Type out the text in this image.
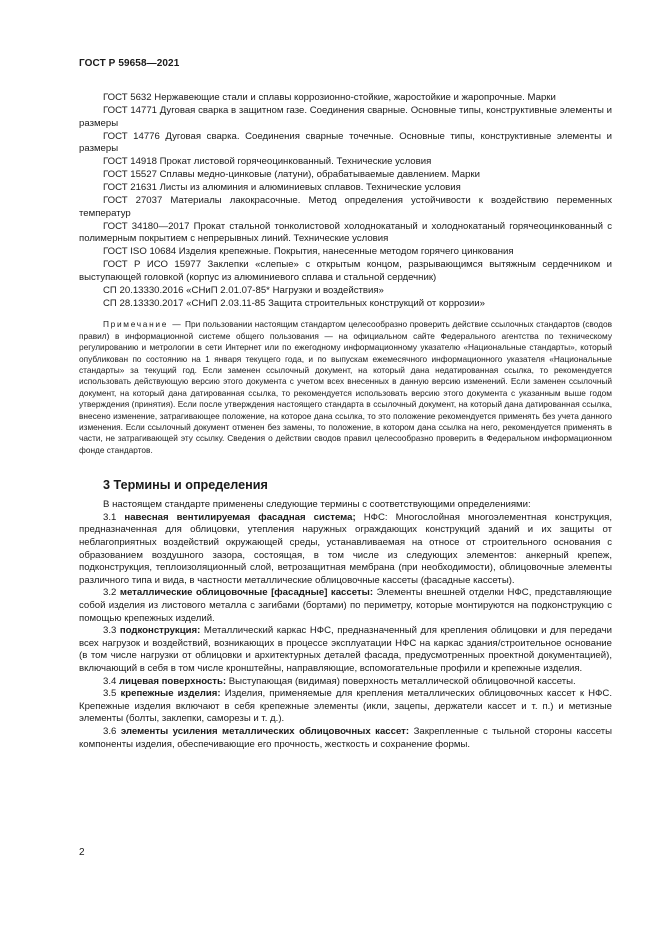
ГОСТ Р 59658—2021

ГОСТ 5632 Нержавеющие стали и сплавы коррозионно-стойкие, жаростойкие и жаропрочные. Марки

ГОСТ 14771 Дуговая сварка в защитном газе. Соединения сварные. Основные типы, конструктивные элементы и размеры

ГОСТ 14776 Дуговая сварка. Соединения сварные точечные. Основные типы, конструктивные элементы и размеры

ГОСТ 14918 Прокат листовой горячеоцинкованный. Технические условия

ГОСТ 15527 Сплавы медно-цинковые (латуни), обрабатываемые давлением. Марки

ГОСТ 21631 Листы из алюминия и алюминиевых сплавов. Технические условия

ГОСТ 27037 Материалы лакокрасочные. Метод определения устойчивости к воздействию переменных температур

ГОСТ 34180—2017 Прокат стальной тонколистовой холоднокатаный и холоднокатаный горячеоцинкованный с полимерным покрытием с непрерывных линий. Технические условия

ГОСТ ISO 10684 Изделия крепежные. Покрытия, нанесенные методом горячего цинкования

ГОСТ Р ИСО 15977 Заклепки «слепые» с открытым концом, разрывающимся вытяжным сердечником и выступающей головкой (корпус из алюминиевого сплава и стальной сердечник)

СП 20.13330.2016 «СНиП 2.01.07-85* Нагрузки и воздействия»

СП 28.13330.2017 «СНиП 2.03.11-85 Защита строительных конструкций от коррозии»

Примечание — При пользовании настоящим стандартом целесообразно проверить действие ссылочных стандартов (сводов правил) в информационной системе общего пользования — на официальном сайте Федерального агентства по техническому регулированию и метрологии в сети Интернет или по ежегодному информационному указателю «Национальные стандарты», который опубликован по состоянию на 1 января текущего года, и по выпускам ежемесячного информационного указателя «Национальные стандарты» за текущий год. Если заменен ссылочный документ, на который дана недатированная ссылка, то рекомендуется использовать действующую версию этого документа с учетом всех внесенных в данную версию изменений. Если заменен ссылочный документ, на который дана датированная ссылка, то рекомендуется использовать версию этого документа с указанным выше годом утверждения (принятия). Если после утверждения настоящего стандарта в ссылочный документ, на который дана датированная ссылка, внесено изменение, затрагивающее положение, на которое дана ссылка, то это положение рекомендуется применять без учета данного изменения. Если ссылочный документ отменен без замены, то положение, в котором дана ссылка на него, рекомендуется применять в части, не затрагивающей эту ссылку. Сведения о действии сводов правил целесообразно проверить в Федеральном информационном фонде стандартов.

3 Термины и определения

В настоящем стандарте применены следующие термины с соответствующими определениями:

3.1 навесная вентилируемая фасадная система; НФС: Многослойная многоэлементная конструкция, предназначенная для облицовки, утепления наружных ограждающих конструкций зданий и их защиты от неблагоприятных воздействий окружающей среды, устанавливаемая на относе от строительного основания с образованием воздушного зазора, состоящая, в том числе из следующих элементов: анкерный крепеж, подконструкция, теплоизоляционный слой, ветрозащитная мембрана (при необходимости), облицовочные элементы различного типа и вида, в частности металлические облицовочные кассеты (фасадные кассеты).

3.2 металлические облицовочные [фасадные] кассеты: Элементы внешней отделки НФС, представляющие собой изделия из листового металла с загибами (бортами) по периметру, которые монтируются на подконструкцию с помощью крепежных изделий.

3.3 подконструкция: Металлический каркас НФС, предназначенный для крепления облицовки и для передачи всех нагрузок и воздействий, возникающих в процессе эксплуатации НФС на каркас здания/строительное основание (в том числе нагрузки от облицовки и архитектурных деталей фасада, предусмотренных проектной документацией), включающий в себя в том числе кронштейны, направляющие, вспомогательные профили и крепежные изделия.

3.4 лицевая поверхность: Выступающая (видимая) поверхность металлической облицовочной кассеты.

3.5 крепежные изделия: Изделия, применяемые для крепления металлических облицовочных кассет к НФС. Крепежные изделия включают в себя крепежные элементы (икли, зацепы, держатели кассет и т. п.) и метизные элементы (болты, заклепки, саморезы и т. д.).

3.6 элементы усиления металлических облицовочных кассет: Закрепленные с тыльной стороны кассеты компоненты изделия, обеспечивающие его прочность, жесткость и сохранение формы.

2
